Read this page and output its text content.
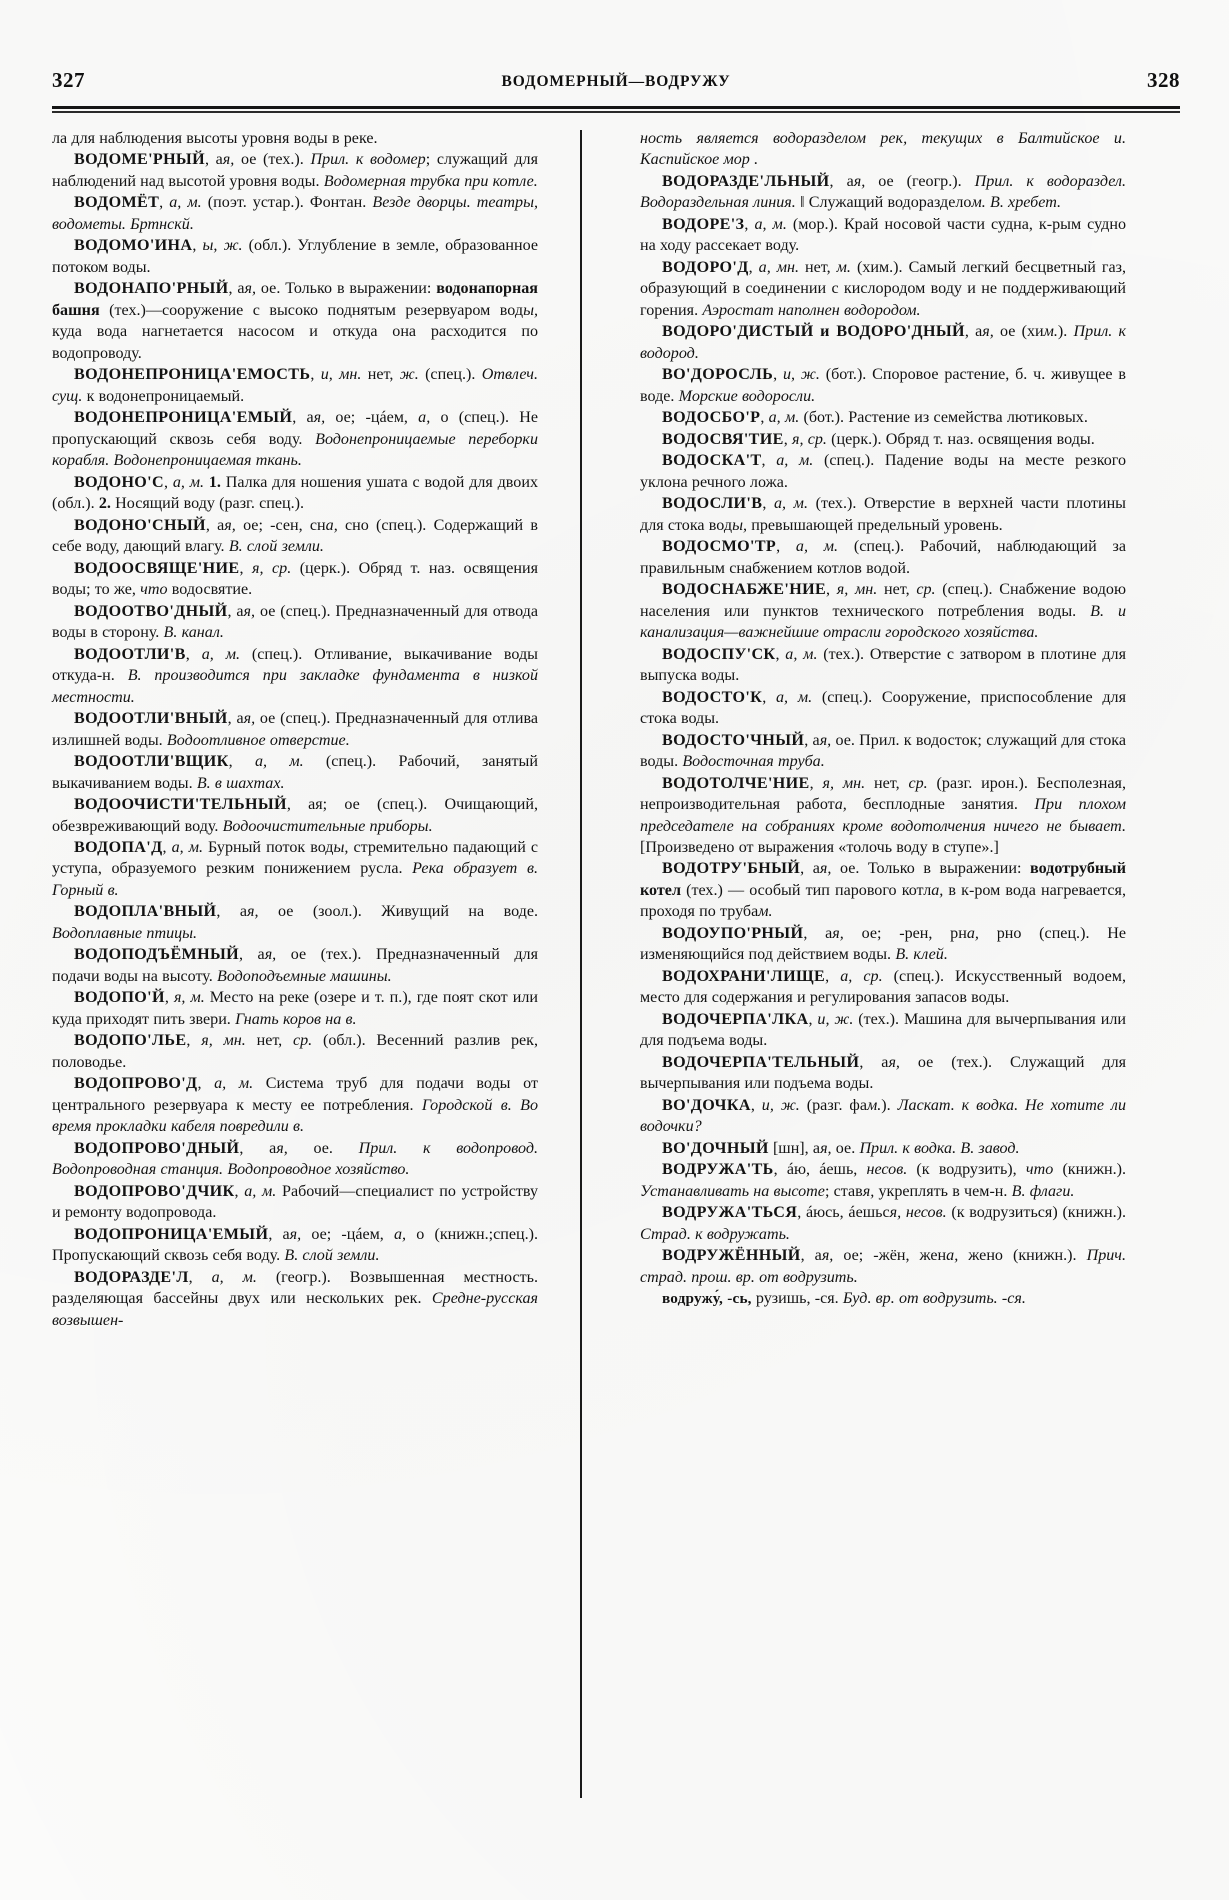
327	ВОДОМЕРНЫЙ—ВОДРУЖУ	328

ла для наблюдения высоты уровня воды в реке.

ВОДОМЕ'РНЫЙ, ая, ое (тех.). Прил. к водомер; служащий для наблюдений над высотой уровня воды. Водомерная трубка при котле.

ВОДОМЁТ, а, м. (поэт. устар.). Фонтан. Везде дворцы. театры, водометы. Бртнскй.

ВОДОМО'ИНА, ы, ж. (обл.). Углубление в земле, образованное потоком воды.

ВОДОНАПО'РНЫЙ, ая, ое. Только в выражении: водонапорная башня (тех.)—сооружение с высоко поднятым резервуаром воды, куда вода нагнетается насосом и откуда она расходится по водопроводу.

ВОДОНЕПРОНИЦА'ЕМОСТЬ, и, мн. нет, ж. (спец.). Отвлеч. сущ. к водонепроницаемый.

ВОДОНЕПРОНИЦА'ЕМЫЙ, ая, ое; -цáем, а, о (спец.). Не пропускающий сквозь себя воду. Водонепроницаемые переборки корабля. Водонепроницаемая ткань.

ВОДОНО'С, а, м. 1. Палка для ношения ушата с водой для двоих (обл.). 2. Носящий воду (разг. спец.).

ВОДОНО'СНЫЙ, ая, ое; -сен, сна, сно (спец.). Содержащий в себе воду, дающий влагу. В. слой земли.

ВОДООСВЯЩЕ'НИЕ, я, ср. (церк.). Обряд т. наз. освящения воды; то же, что водосвятие.

ВОДООТВО'ДНЫЙ, ая, ое (спец.). Предназначенный для отвода воды в сторону. В. канал.

ВОДООТЛИ'В, а, м. (спец.). Отливание, выкачивание воды откуда-н. В. производится при закладке фундамента в низкой местности.

ВОДООТЛИ'ВНЫЙ, ая, ое (спец.). Предназначенный для отлива излишней воды. Водоотливное отверстие.

ВОДООТЛИ'ВЩИК, а, м. (спец.). Рабочий, занятый выкачиванием воды. В. в шахтах.

ВОДООЧИСТИ'ТЕЛЬНЫЙ, ая; ое (спец.). Очищающий, обезвреживающий воду. Водоочистительные приборы.

ВОДОПА'Д, а, м. Бурный поток воды, стремительно падающий с уступа, образуемого резким понижением русла. Река образует в. Горный в.

ВОДОПЛА'ВНЫЙ, ая, ое (зоол.). Живущий на воде. Водоплавные птицы.

ВОДОПОДЪЁМНЫЙ, ая, ое (тех.). Предназначенный для подачи воды на высоту. Водоподъемные машины.

ВОДОПО'Й, я, м. Место на реке (озере и т. п.), где поят скот или куда приходят пить звери. Гнать коров на в.

ВОДОПО'ЛЬЕ, я, мн. нет, ср. (обл.). Весенний разлив рек, половодье.

ВОДОПРОВО'Д, а, м. Система труб для подачи воды от центрального резервуара к месту ее потребления. Городской в. Во время прокладки кабеля повредили в.

ВОДОПРОВО'ДНЫЙ, ая, ое. Прил. к водопровод. Водопроводная станция. Водопроводное хозяйство.

ВОДОПРОВО'ДЧИК, а, м. Рабочий—специалист по устройству и ремонту водопровода.

ВОДОПРОНИЦА'ЕМЫЙ, ая, ое; -цáем, а, о (книжн.;спец.). Пропускающий сквозь себя воду. В. слой земли.

ВОДОРАЗДЕ'Л, а, м. (геогр.). Возвышенная местность. разделяющая бассейны двух или нескольких рек. Средне-русская возвышен-

ность является водоразделом рек, текущих в Балтийское и. Каспийское мор .

ВОДОРАЗДЕ'ЛЬНЫЙ, ая, ое (геогр.). Прил. к водораздел. Водораздельная линия. ‖ Служащий водоразделом. В. хребет.

ВОДОРЕ'З, а, м. (мор.). Край носовой части судна, к-рым судно на ходу рассекает воду.

ВОДОРО'Д, а, мн. нет, м. (хим.). Самый легкий бесцветный газ, образующий в соединении с кислородом воду и не поддерживающий горения. Аэростат наполнен водородом.

ВОДОРО'ДИСТЫЙ и ВОДОРО'ДНЫЙ, ая, ое (хим.). Прил. к водород.

ВО'ДОРОСЛЬ, и, ж. (бот.). Споровое растение, б. ч. живущее в воде. Морские водоросли.

ВОДОСБО'Р, а, м. (бот.). Растение из семейства лютиковых.

ВОДОСВЯ'ТИЕ, я, ср. (церк.). Обряд т. наз. освящения воды.

ВОДОСКА'Т, а, м. (спец.). Падение воды на месте резкого уклона речного ложа.

ВОДОСЛИ'В, а, м. (тех.). Отверстие в верхней части плотины для стока воды, превышающей предельный уровень.

ВОДОСМО'ТР, а, м. (спец.). Рабочий, наблюдающий за правильным снабжением котлов водой.

ВОДОСНАБЖЕ'НИЕ, я, мн. нет, ср. (спец.). Снабжение водою населения или пунктов технического потребления воды. В. и канализация—важнейшие отрасли городского хозяйства.

ВОДОСПУ'СК, а, м. (тех.). Отверстие с затвором в плотине для выпуска воды.

ВОДОСТО'К, а, м. (спец.). Сооружение, приспособление для стока воды.

ВОДОСТО'ЧНЫЙ, ая, ое. Прил. к водосток; служащий для стока воды. Водосточная труба.

ВОДОТОЛЧЕ'НИЕ, я, мн. нет, ср. (разг. ирон.). Бесполезная, непроизводительная работа, бесплодные занятия. При плохом председателе на собраниях кроме водотолчения ничего не бывает. [Произведено от выражения «толочь воду в ступе».]

ВОДОТРУ'БНЫЙ, ая, ое. Только в выражении: водотрубный котел (тех.) — особый тип парового котла, в к-ром вода нагревается, проходя по трубам.

ВОДОУПО'РНЫЙ, ая, ое; -рен, рна, рно (спец.). Не изменяющийся под действием воды. В. клей.

ВОДОХРАНИ'ЛИЩЕ, а, ср. (спец.). Искусственный водоем, место для содержания и регулирования запасов воды.

ВОДОЧЕРПА'ЛКА, и, ж. (тех.). Машина для вычерпывания или для подъема воды.

ВОДОЧЕРПА'ТЕЛЬНЫЙ, ая, ое (тех.). Служащий для вычерпывания или подъема воды.

ВО'ДОЧКА, и, ж. (разг. фам.). Ласкат. к водка. Не хотите ли водочки?

ВО'ДОЧНЫЙ [шн], ая, ое. Прил. к водка. В. завод.

ВОДРУЖА'ТЬ, áю, áешь, несов. (к водрузить), что (книжн.). Устанавливать на высоте; ставя, укреплять в чем-н. В. флаги.

ВОДРУЖА'ТЬСЯ, áюсь, áешься, несов. (к водрузиться) (книжн.). Страд. к водружать.

ВОДРУЖЁННЫЙ, ая, ое; -жён, жена, жено (книжн.). Прич. страд. прош. вр. от водрузить.

водружу́, -сь, рузишь, -ся. Буд. вр. от водрузить. -ся.
